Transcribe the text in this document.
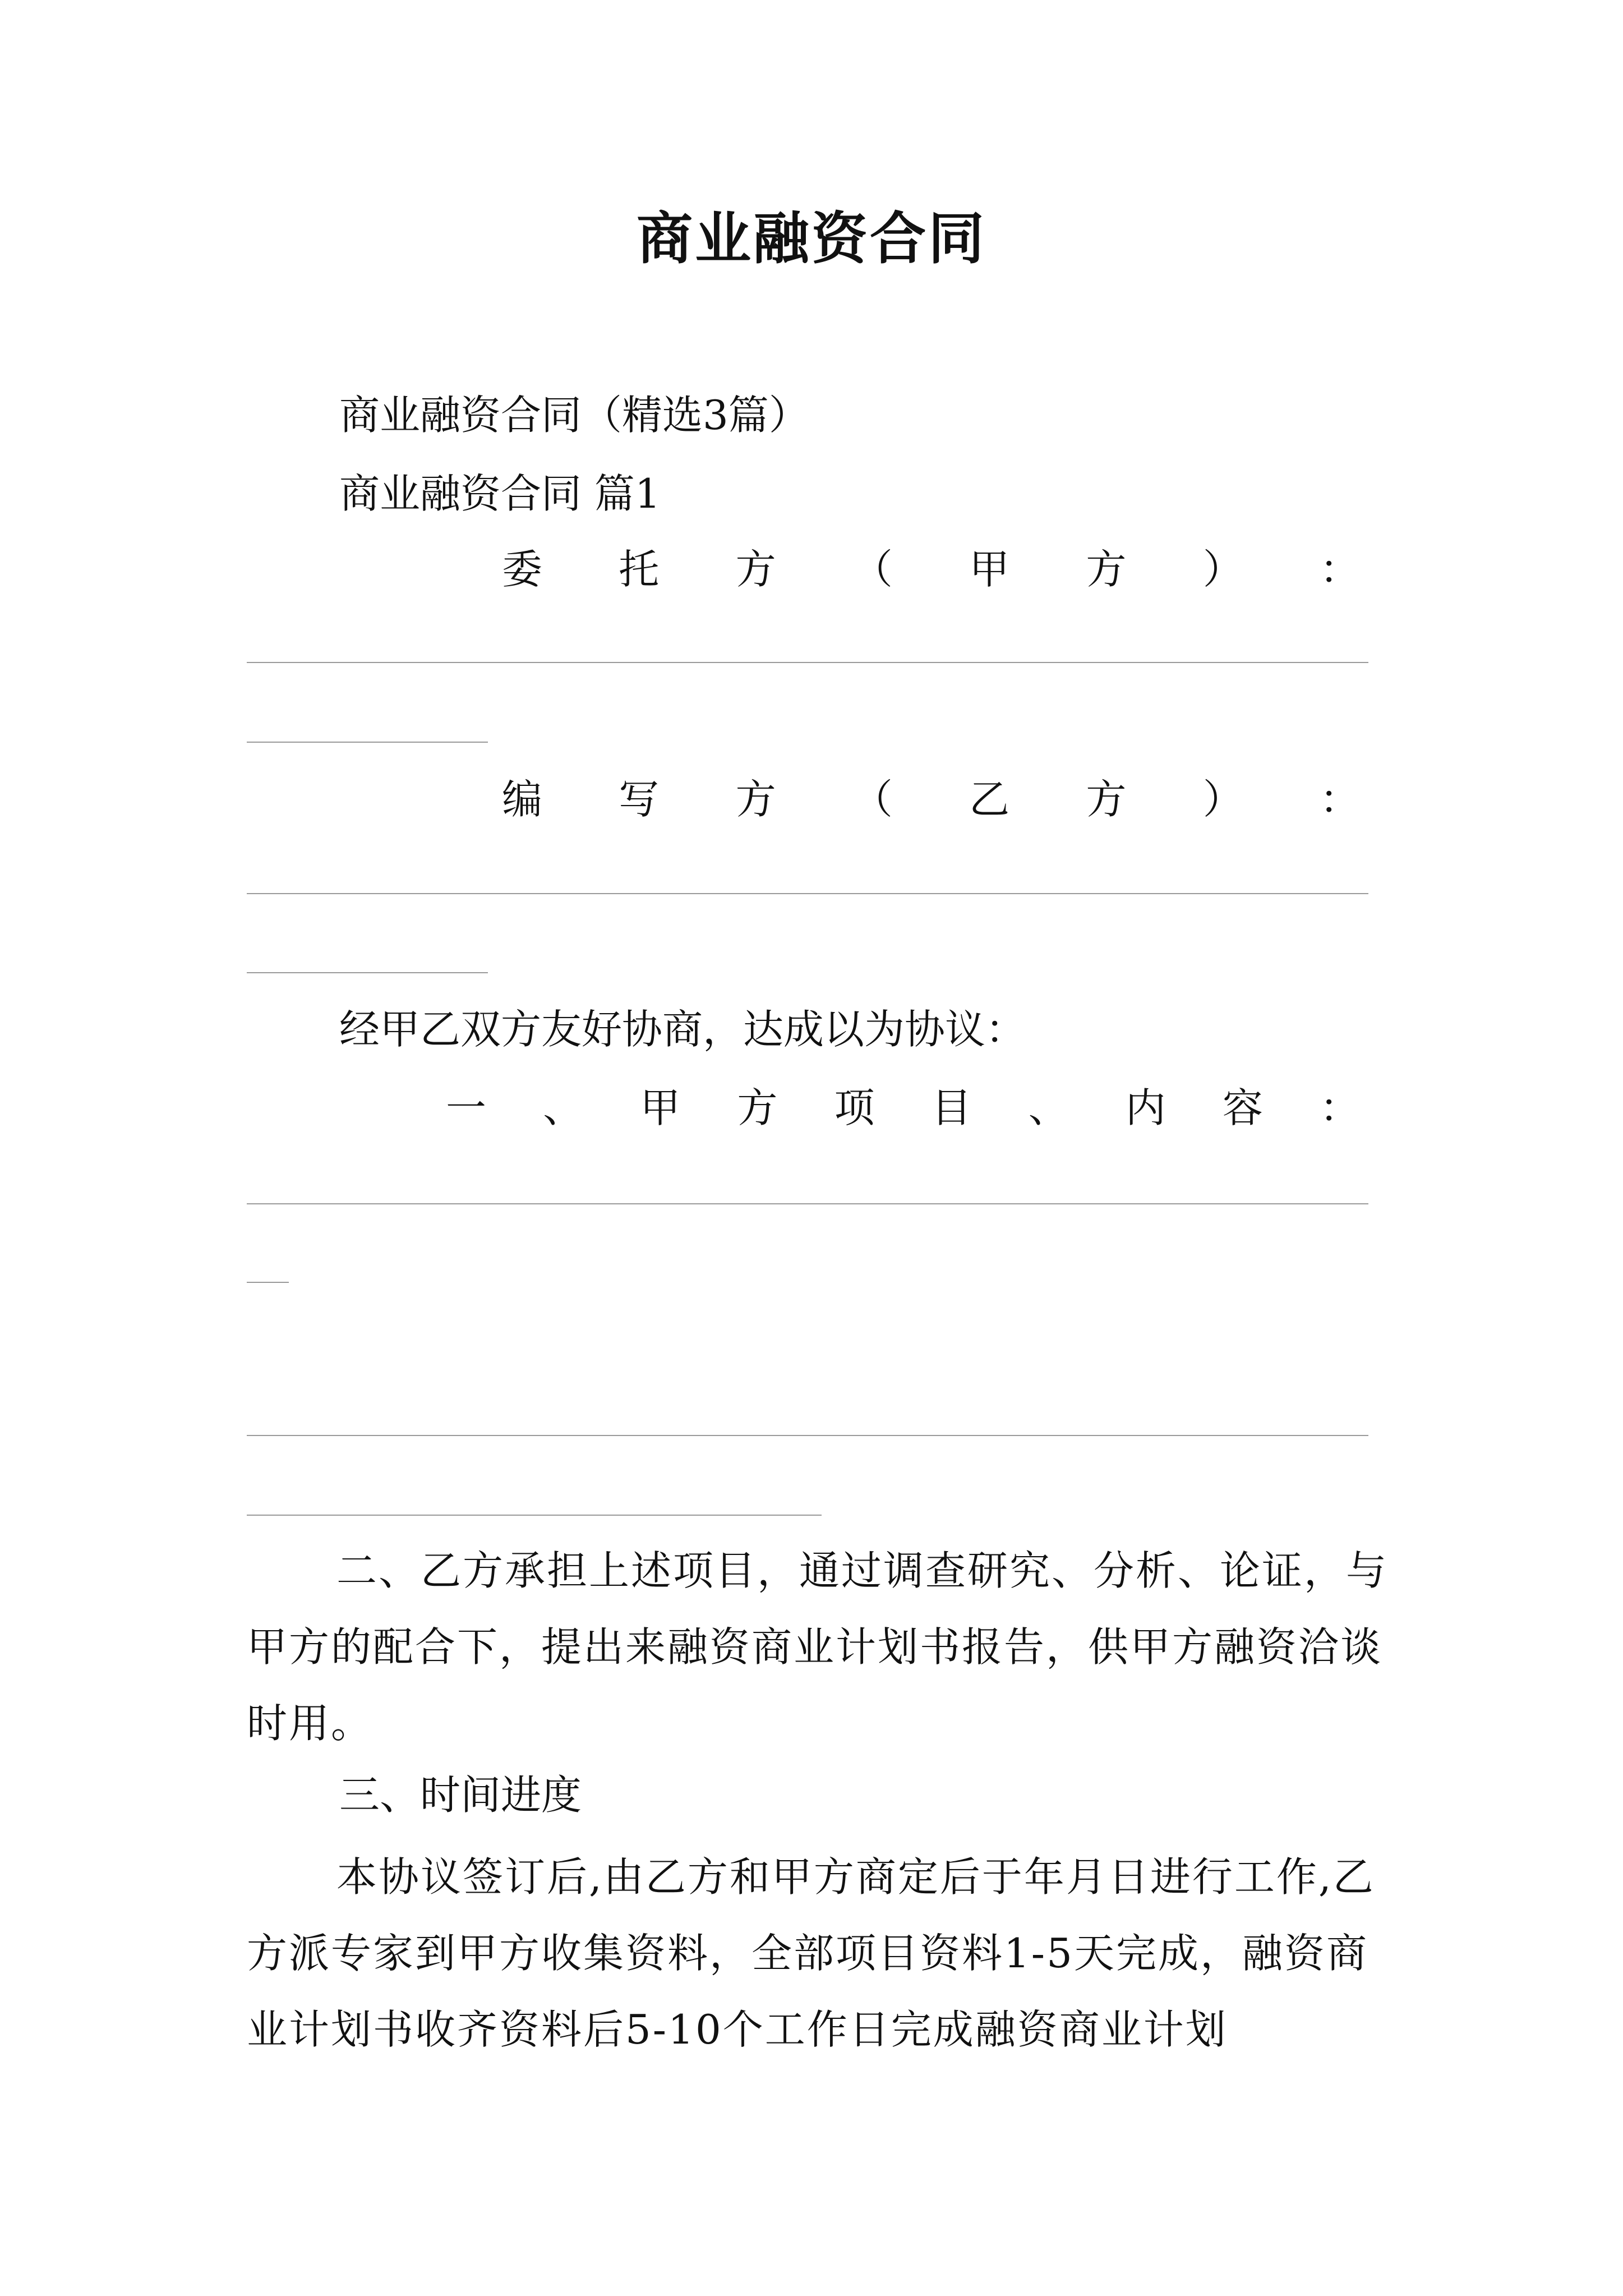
商业融资合同
商业融资合同（精选3篇）
商业融资合同 篇1
委 托 方 （ 甲 方 ） ：
编 写 方 （ 乙 方 ） ：
经甲乙双方友好协商，达成以为协议：
一 、 甲 方 项 目 、 内 容 ：
二、乙方承担上述项目，通过调查研究、分析、论证，与甲方的配合下，提出来融资商业计划书报告，供甲方融资洽谈时用。
三、时间进度
本协议签订后,由乙方和甲方商定后于年月日进行工作,乙方派专家到甲方收集资料，全部项目资料1-5天完成，融资商业计划书收齐资料后5-10个工作日完成融资商业计划
